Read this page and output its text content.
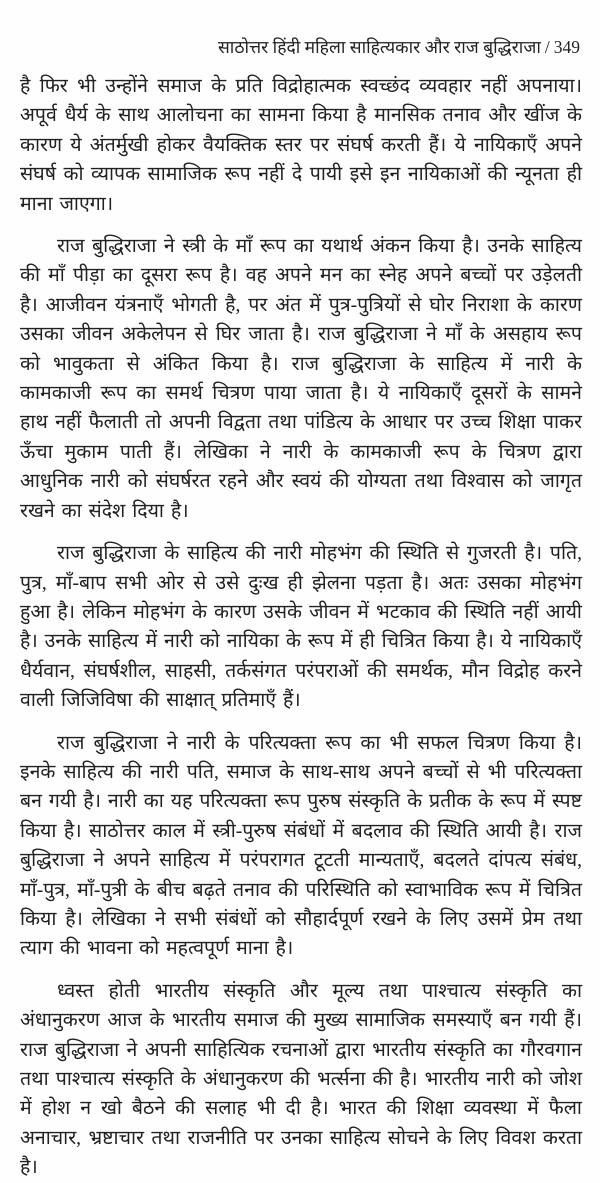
साठोत्तर हिंदी महिला साहित्यकार और राज बुद्धिराजा / 349

है फिर भी उन्होंने समाज के प्रति विद्रोहात्मक स्वच्छंद व्यवहार नहीं अपनाया। अपूर्व धैर्य के साथ आलोचना का सामना किया है मानसिक तनाव और खींज के कारण ये अंतर्मुखी होकर वैयक्तिक स्तर पर संघर्ष करती हैं। ये नायिकाएँ अपने संघर्ष को व्यापक सामाजिक रूप नहीं दे पायी इसे इन नायिकाओं की न्यूनता ही माना जाएगा।

राज बुद्धिराजा ने स्त्री के माँ रूप का यथार्थ अंकन किया है। उनके साहित्य की माँ पीड़ा का दूसरा रूप है। वह अपने मन का स्नेह अपने बच्चों पर उड़ेलती है। आजीवन यंत्रनाएँ भोगती है, पर अंत में पुत्र-पुत्रियों से घोर निराशा के कारण उसका जीवन अकेलेपन से घिर जाता है। राज बुद्धिराजा ने माँ के असहाय रूप को भावुकता से अंकित किया है। राज बुद्धिराजा के साहित्य में नारी के कामकाजी रूप का समर्थ चित्रण पाया जाता है। ये नायिकाएँ दूसरों के सामने हाथ नहीं फैलाती तो अपनी विद्वता तथा पांडित्य के आधार पर उच्च शिक्षा पाकर ऊँचा मुकाम पाती हैं। लेखिका ने नारी के कामकाजी रूप के चित्रण द्वारा आधुनिक नारी को संघर्षरत रहने और स्वयं की योग्यता तथा विश्वास को जागृत रखने का संदेश दिया है।

राज बुद्धिराजा के साहित्य की नारी मोहभंग की स्थिति से गुजरती है। पति, पुत्र, माँ-बाप सभी ओर से उसे दुःख ही झेलना पड़ता है। अतः उसका मोहभंग हुआ है। लेकिन मोहभंग के कारण उसके जीवन में भटकाव की स्थिति नहीं आयी है। उनके साहित्य में नारी को नायिका के रूप में ही चित्रित किया है। ये नायिकाएँ धैर्यवान, संघर्षशील, साहसी, तर्कसंगत परंपराओं की समर्थक, मौन विद्रोह करने वाली जिजिविषा की साक्षात् प्रतिमाएँ हैं।

राज बुद्धिराजा ने नारी के परित्यक्ता रूप का भी सफल चित्रण किया है। इनके साहित्य की नारी पति, समाज के साथ-साथ अपने बच्चों से भी परित्यक्ता बन गयी है। नारी का यह परित्यक्ता रूप पुरुष संस्कृति के प्रतीक के रूप में स्पष्ट किया है। साठोत्तर काल में स्त्री-पुरुष संबंधों में बदलाव की स्थिति आयी है। राज बुद्धिराजा ने अपने साहित्य में परंपरागत टूटती मान्यताएँ, बदलते दांपत्य संबंध, माँ-पुत्र, माँ-पुत्री के बीच बढ़ते तनाव की परिस्थिति को स्वाभाविक रूप में चित्रित किया है। लेखिका ने सभी संबंधों को सौहार्दपूर्ण रखने के लिए उसमें प्रेम तथा त्याग की भावना को महत्वपूर्ण माना है।

ध्वस्त होती भारतीय संस्कृति और मूल्य तथा पाश्चात्य संस्कृति का अंधानुकरण आज के भारतीय समाज की मुख्य सामाजिक समस्याएँ बन गयी हैं। राज बुद्धिराजा ने अपनी साहित्यिक रचनाओं द्वारा भारतीय संस्कृति का गौरवगान तथा पाश्चात्य संस्कृति के अंधानुकरण की भर्त्सना की है। भारतीय नारी को जोश में होश न खो बैठने की सलाह भी दी है। भारत की शिक्षा व्यवस्था में फैला अनाचार, भ्रष्टाचार तथा राजनीति पर उनका साहित्य सोचने के लिए विवश करता है।
